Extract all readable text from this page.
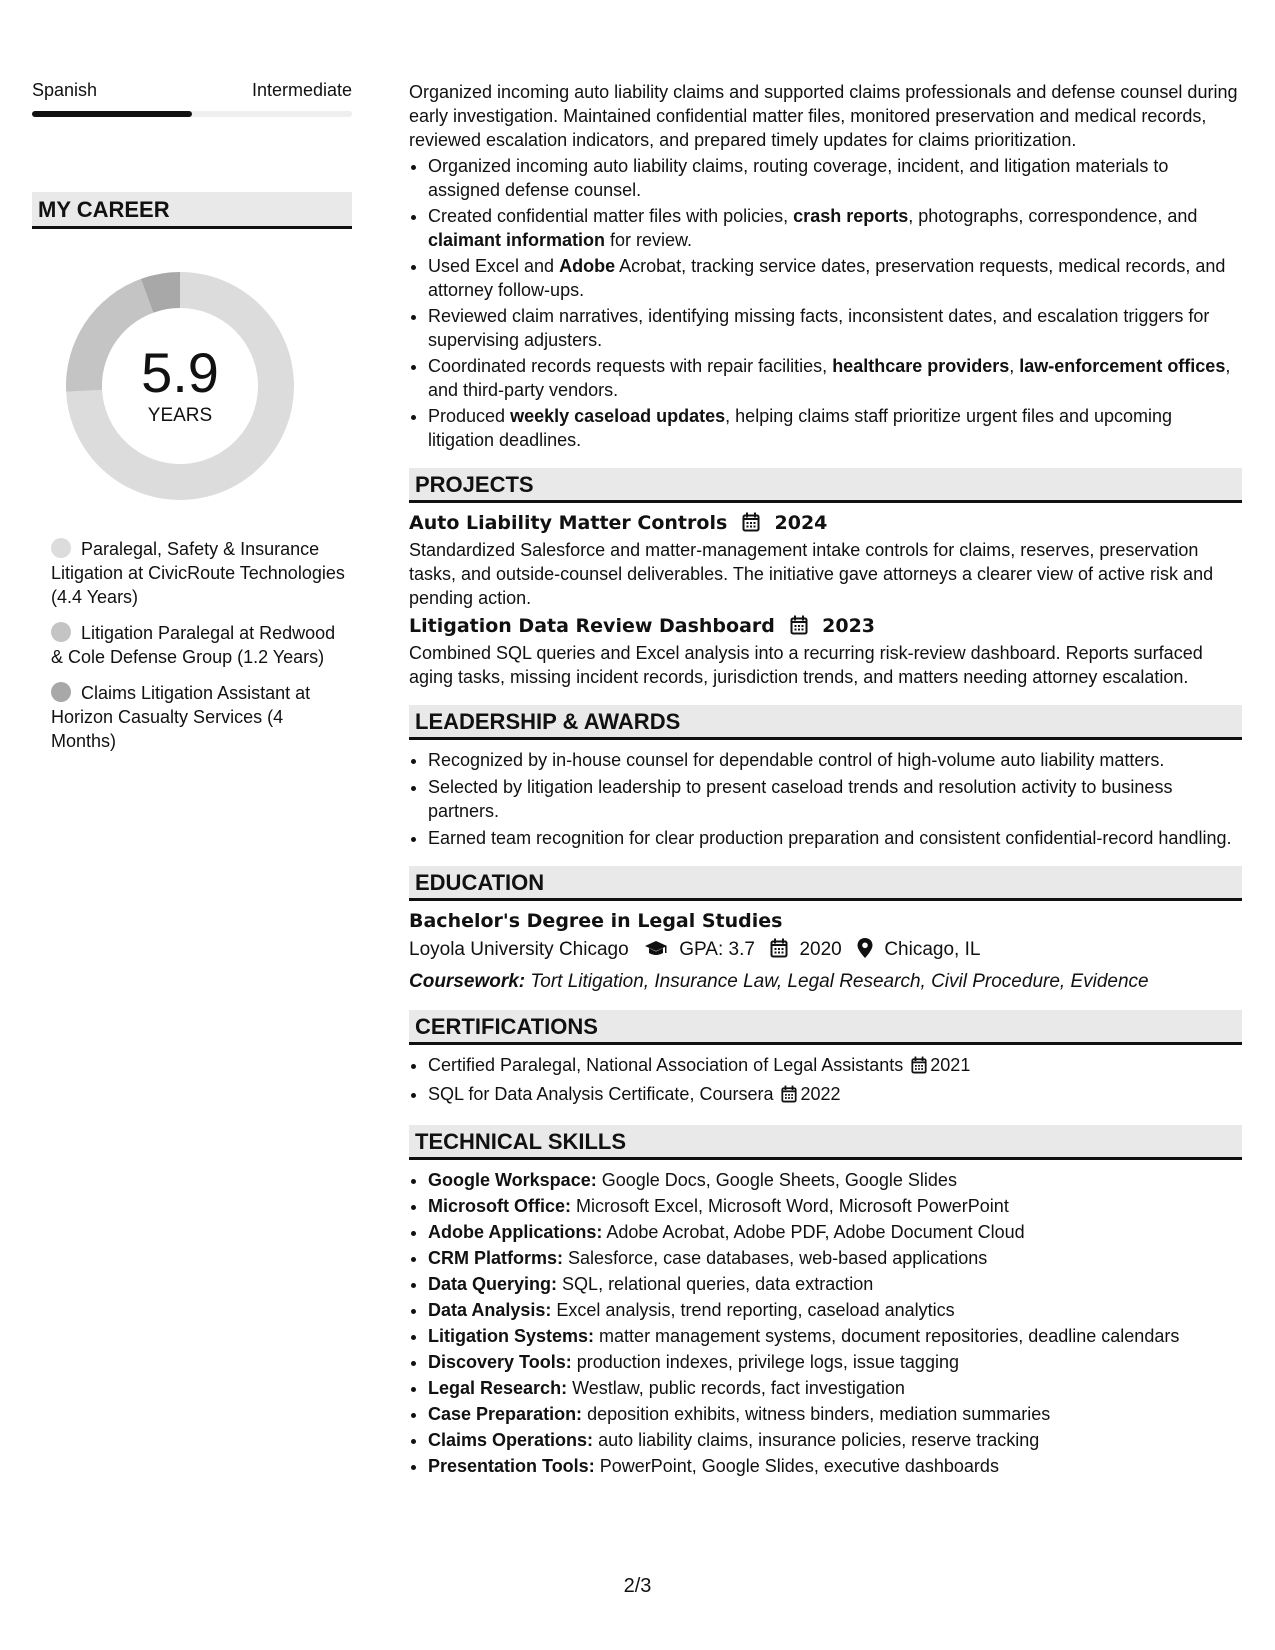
Spanish	Intermediate
MY CAREER
5.9
YEARS
Paralegal, Safety & Insurance Litigation at CivicRoute Technologies (4.4 Years)
Litigation Paralegal at Redwood & Cole Defense Group (1.2 Years)
Claims Litigation Assistant at Horizon Casualty Services (4 Months)

Organized incoming auto liability claims and supported claims professionals and defense counsel during early investigation. Maintained confidential matter files, monitored preservation and medical records, reviewed escalation indicators, and prepared timely updates for claims prioritization.

• Organized incoming auto liability claims, routing coverage, incident, and litigation materials to assigned defense counsel.
• Created confidential matter files with policies, crash reports, photographs, correspondence, and claimant information for review.
• Used Excel and Adobe Acrobat, tracking service dates, preservation requests, medical records, and attorney follow-ups.
• Reviewed claim narratives, identifying missing facts, inconsistent dates, and escalation triggers for supervising adjusters.
• Coordinated records requests with repair facilities, healthcare providers, law-enforcement offices, and third-party vendors.
• Produced weekly caseload updates, helping claims staff prioritize urgent files and upcoming litigation deadlines.
PROJECTS
Auto Liability Matter Controls 2024

Standardized Salesforce and matter-management intake controls for claims, reserves, preservation tasks, and outside-counsel deliverables. The initiative gave attorneys a clearer view of active risk and pending action.

Litigation Data Review Dashboard 2023

Combined SQL queries and Excel analysis into a recurring risk-review dashboard. Reports surfaced aging tasks, missing incident records, jurisdiction trends, and matters needing attorney escalation.

LEADERSHIP & AWARDS
• Recognized by in-house counsel for dependable control of high-volume auto liability matters.
• Selected by litigation leadership to present caseload trends and resolution activity to business partners.
• Earned team recognition for clear production preparation and consistent confidential-record handling.
EDUCATION
Bachelor's Degree in Legal Studies
Loyola University Chicago	GPA: 3.7 2020 Chicago, IL
Coursework: Tort Litigation, Insurance Law, Legal Research, Civil Procedure, Evidence
CERTIFICATIONS
• Certified Paralegal, National Association of Legal Assistants 2021
• SQL for Data Analysis Certificate, Coursera 2022
TECHNICAL SKILLS
• Google Workspace: Google Docs, Google Sheets, Google Slides
• Microsoft Office: Microsoft Excel, Microsoft Word, Microsoft PowerPoint
• Adobe Applications: Adobe Acrobat, Adobe PDF, Adobe Document Cloud
• CRM Platforms: Salesforce, case databases, web-based applications
• Data Querying: SQL, relational queries, data extraction
• Data Analysis: Excel analysis, trend reporting, caseload analytics
• Litigation Systems: matter management systems, document repositories, deadline calendars
• Discovery Tools: production indexes, privilege logs, issue tagging
• Legal Research: Westlaw, public records, fact investigation
• Case Preparation: deposition exhibits, witness binders, mediation summaries
• Claims Operations: auto liability claims, insurance policies, reserve tracking
• Presentation Tools: PowerPoint, Google Slides, executive dashboards
2/3
